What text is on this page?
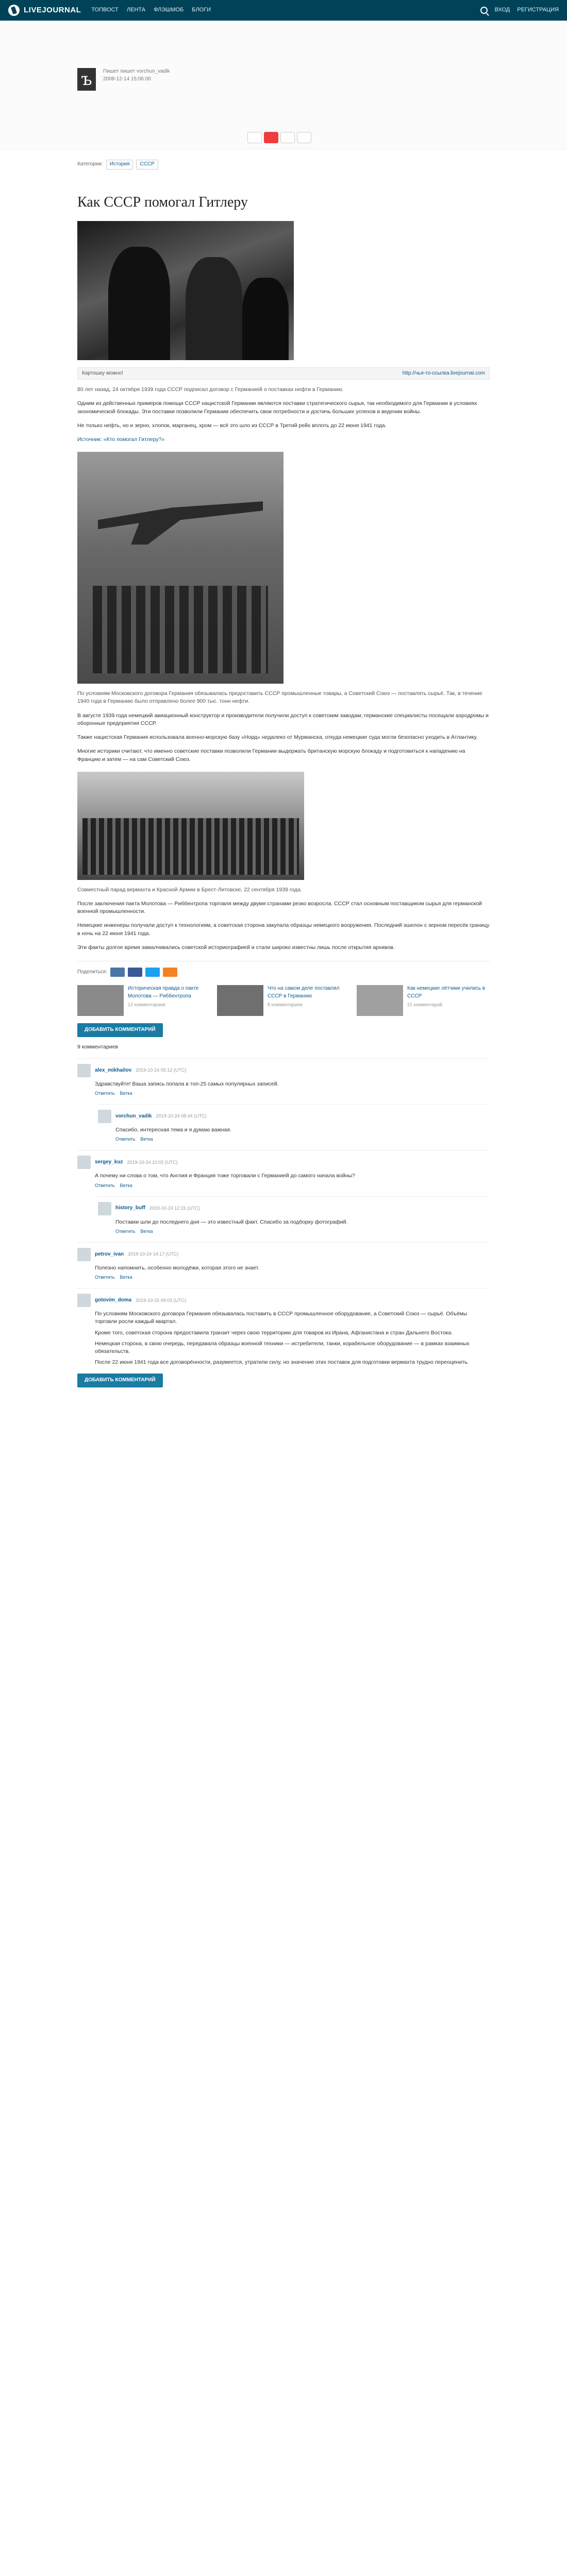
LIVEJOURNAL ТОПВОСТ ЛЕНТА ФЛЭШМОБ БЛОГИ	ВХОД РЕГИСТРАЦИЯ
ъ	Пишет пишет vorchun_vadik
2008-12-14 15:06:00
Категории:	История	СССР
Как СССР помогал Гитлеру
Картошку можно!	http://чья-то-ссылка.livejournal.com

80 лет назад, 24 октября 1939 года СССР подписал договор с Германией о поставках нефти в Германию.

Одним из действенных примеров помощи СССР нацистской Германии являются поставки стратегического сырья, так необходимого для Германии в условиях экономической блокады. Эти поставки позволили Германии обеспечить свои потребности и достичь больших успехов в ведении войны.

Не только нефть, но и зерно, хлопок, марганец, хром — всё это шло из СССР в Третий рейх вплоть до 22 июня 1941 года.

Источник: «Кто помогал Гитлеру?»

По условиям Московского договора Германия обязывалась предоставить СССР промышленные товары, а Советский Союз — поставлять сырьё. Так, в течение 1940 года в Германию было отправлено более 900 тыс. тонн нефти.

В августе 1939 года немецкий авиационный конструктор и производители получили доступ к советским заводам; германские специалисты посещали аэродромы и оборонные предприятия СССР.

Также нацистская Германия использовала военно-морскую базу «Норд» недалеко от Мурманска, откуда немецкие суда могли безопасно уходить в Атлантику.

Многие историки считают, что именно советские поставки позволили Германии выдержать британскую морскую блокаду и подготовиться к нападению на Францию и затем — на сам Советский Союз.

Совместный парад вермахта и Красной Армии в Брест-Литовске, 22 сентября 1939 года.

После заключения пакта Молотова — Риббентропа торговля между двумя странами резко возросла. СССР стал основным поставщиком сырья для германской военной промышленности.

Немецкие инженеры получали доступ к технологиям, а советская сторона закупала образцы немецкого вооружения. Последний эшелон с зерном пересёк границу в ночь на 22 июня 1941 года.

Эти факты долгое время замалчивались советской историографией и стали широко известны лишь после открытия архивов.

Поделиться:
Историческая правда о пакте Молотова — Риббентропа
12 комментариев
Что на самом деле поставлял СССР в Германию
8 комментариев
Как немецкие лётчики учились в СССР
21 комментарий
ДОБАВИТЬ КОММЕНТАРИЙ
9 комментариев
alex_mikhailov 2019-10-24 05:12 (UTC)
Здравствуйте! Ваша запись попала в топ-25 самых популярных записей.
Ответить Ветка
vorchun_vadik 2019-10-24 08:44 (UTC)
Спасибо, интересная тема и я думаю важная.
Ответить Ветка
sergey_kuz 2019-10-24 10:02 (UTC)
А почему ни слова о том, что Англия и Франция тоже торговали с Германией до самого начала войны?
Ответить Ветка
history_buff 2019-10-24 12:31 (UTC)
Поставки шли до последнего дня — это известный факт. Спасибо за подборку фотографий.
Ответить Ветка
petrov_ivan 2019-10-24 14:17 (UTC)
Полезно напомнить, особенно молодёжи, которая этого не знает.
Ответить Ветка
gotovim_doma 2019-10-25 09:03 (UTC)
По условиям Московского договора Германия обязывалась поставить в СССР промышленное оборудование, а Советский Союз — сырьё. Объёмы торговли росли каждый квартал.
Кроме того, советская сторона предоставила транзит через свою территорию для товаров из Ирана, Афганистана и стран Дальнего Востока.
Немецкая сторона, в свою очередь, передавала образцы военной техники — истребители, танки, корабельное оборудование — в рамках взаимных обязательств.
После 22 июня 1941 года все договорённости, разумеется, утратили силу, но значение этих поставок для подготовки вермахта трудно переоценить.
ДОБАВИТЬ КОММЕНТАРИЙ
